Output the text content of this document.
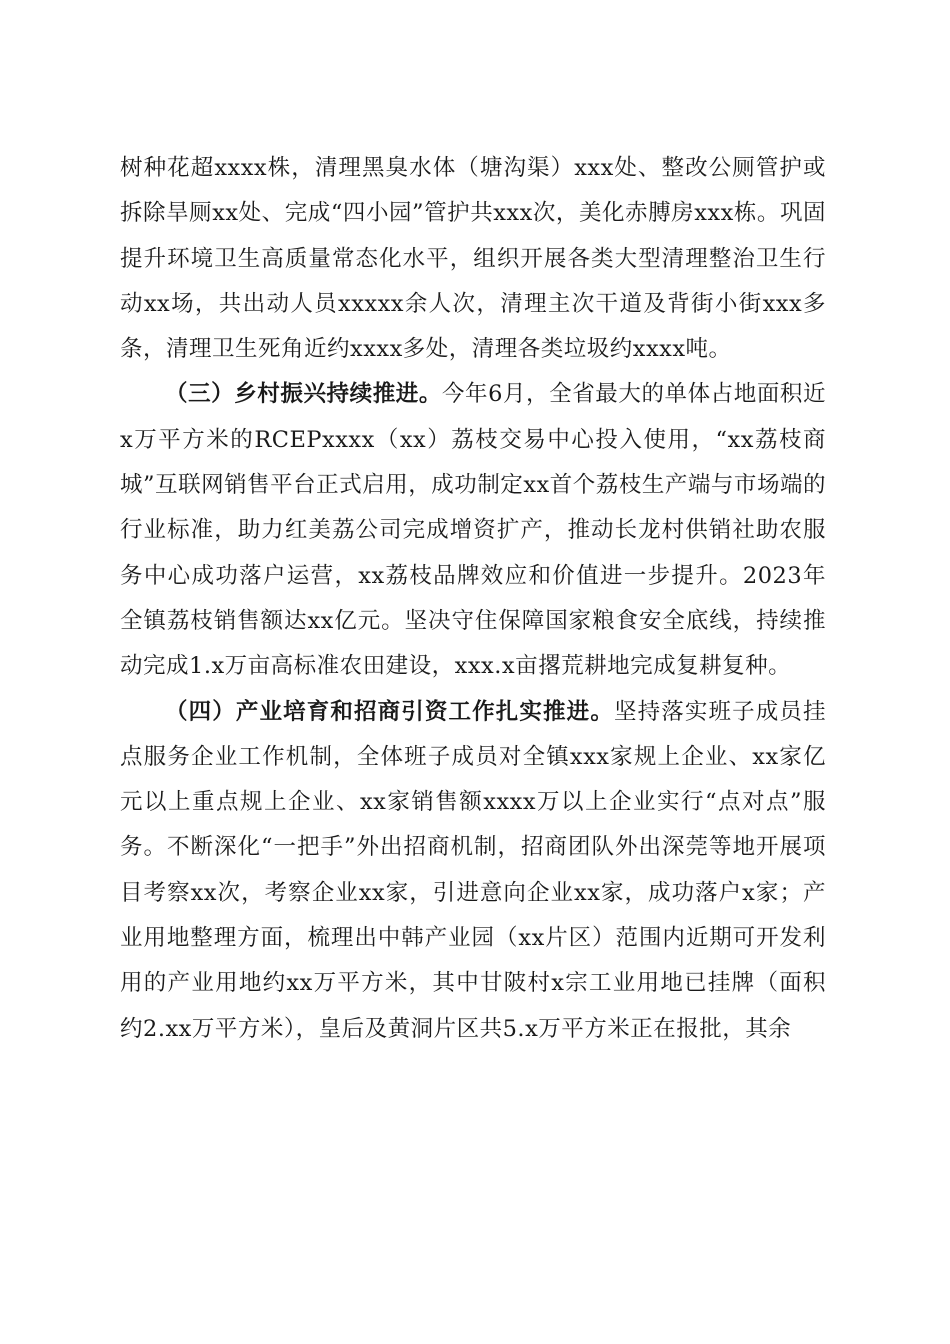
树种花超xxxx株，清理黑臭水体（塘沟渠）xxx处、整改公厕管护或拆除旱厕xx处、完成“四小园”管护共xxx次，美化赤膊房xxx栋。巩固提升环境卫生高质量常态化水平，组织开展各类大型清理整治卫生行动xx场，共出动人员xxxxx余人次，清理主次干道及背街小街xxx多条，清理卫生死角近约xxxx多处，清理各类垃圾约xxxx吨。

（三）乡村振兴持续推进。今年6月，全省最大的单体占地面积近x万平方米的RCEPxxxx（xx）荔枝交易中心投入使用，“xx荔枝商城”互联网销售平台正式启用，成功制定xx首个荔枝生产端与市场端的行业标准，助力红美荔公司完成增资扩产，推动长龙村供销社助农服务中心成功落户运营，xx荔枝品牌效应和价值进一步提升。2023年全镇荔枝销售额达xx亿元。坚决守住保障国家粮食安全底线，持续推动完成1.x万亩高标准农田建设，xxx.x亩撂荒耕地完成复耕复种。

（四）产业培育和招商引资工作扎实推进。坚持落实班子成员挂点服务企业工作机制，全体班子成员对全镇xxx家规上企业、xx家亿元以上重点规上企业、xx家销售额xxxx万以上企业实行“点对点”服务。不断深化“一把手”外出招商机制，招商团队外出深莞等地开展项目考察xx次，考察企业xx家，引进意向企业xx家，成功落户x家；产业用地整理方面，梳理出中韩产业园（xx片区）范围内近期可开发利用的产业用地约xx万平方米，其中甘陂村x宗工业用地已挂牌（面积约2.xx万平方米），皇后及黄洞片区共5.x万平方米正在报批，其余
